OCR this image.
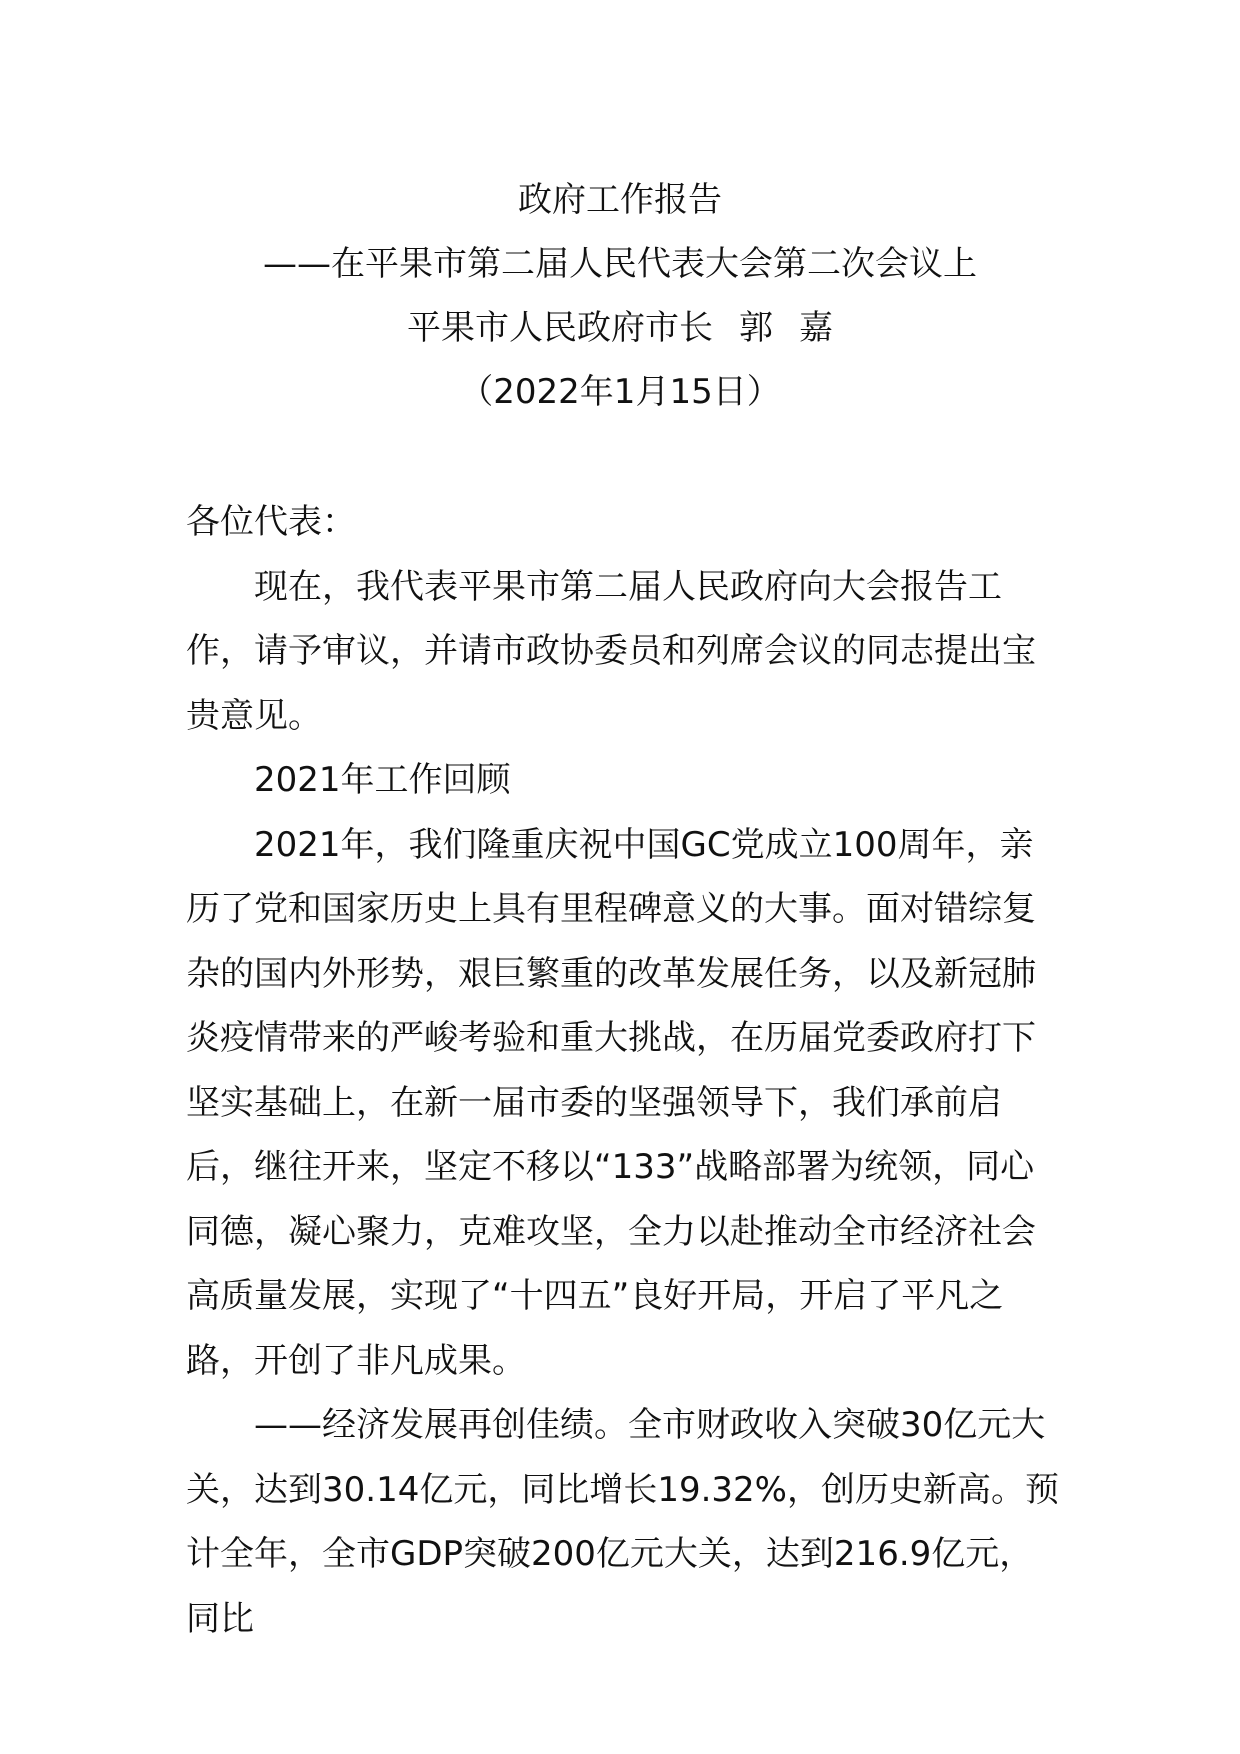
政府工作报告
——在平果市第二届人民代表大会第二次会议上
平果市人民政府市长 郭 嘉
（2022年1月15日）

各位代表：

现在，我代表平果市第二届人民政府向大会报告工作，请予审议，并请市政协委员和列席会议的同志提出宝贵意见。

2021年工作回顾

2021年，我们隆重庆祝中国GC党成立100周年，亲历了党和国家历史上具有里程碑意义的大事。面对错综复杂的国内外形势，艰巨繁重的改革发展任务，以及新冠肺炎疫情带来的严峻考验和重大挑战，在历届党委政府打下坚实基础上，在新一届市委的坚强领导下，我们承前启后，继往开来，坚定不移以“133”战略部署为统领，同心同德，凝心聚力，克难攻坚，全力以赴推动全市经济社会高质量发展，实现了“十四五”良好开局，开启了平凡之路，开创了非凡成果。

——经济发展再创佳绩。全市财政收入突破30亿元大关，达到30.14亿元，同比增长19.32%，创历史新高。预计全年，全市GDP突破200亿元大关，达到216.9亿元，同比
